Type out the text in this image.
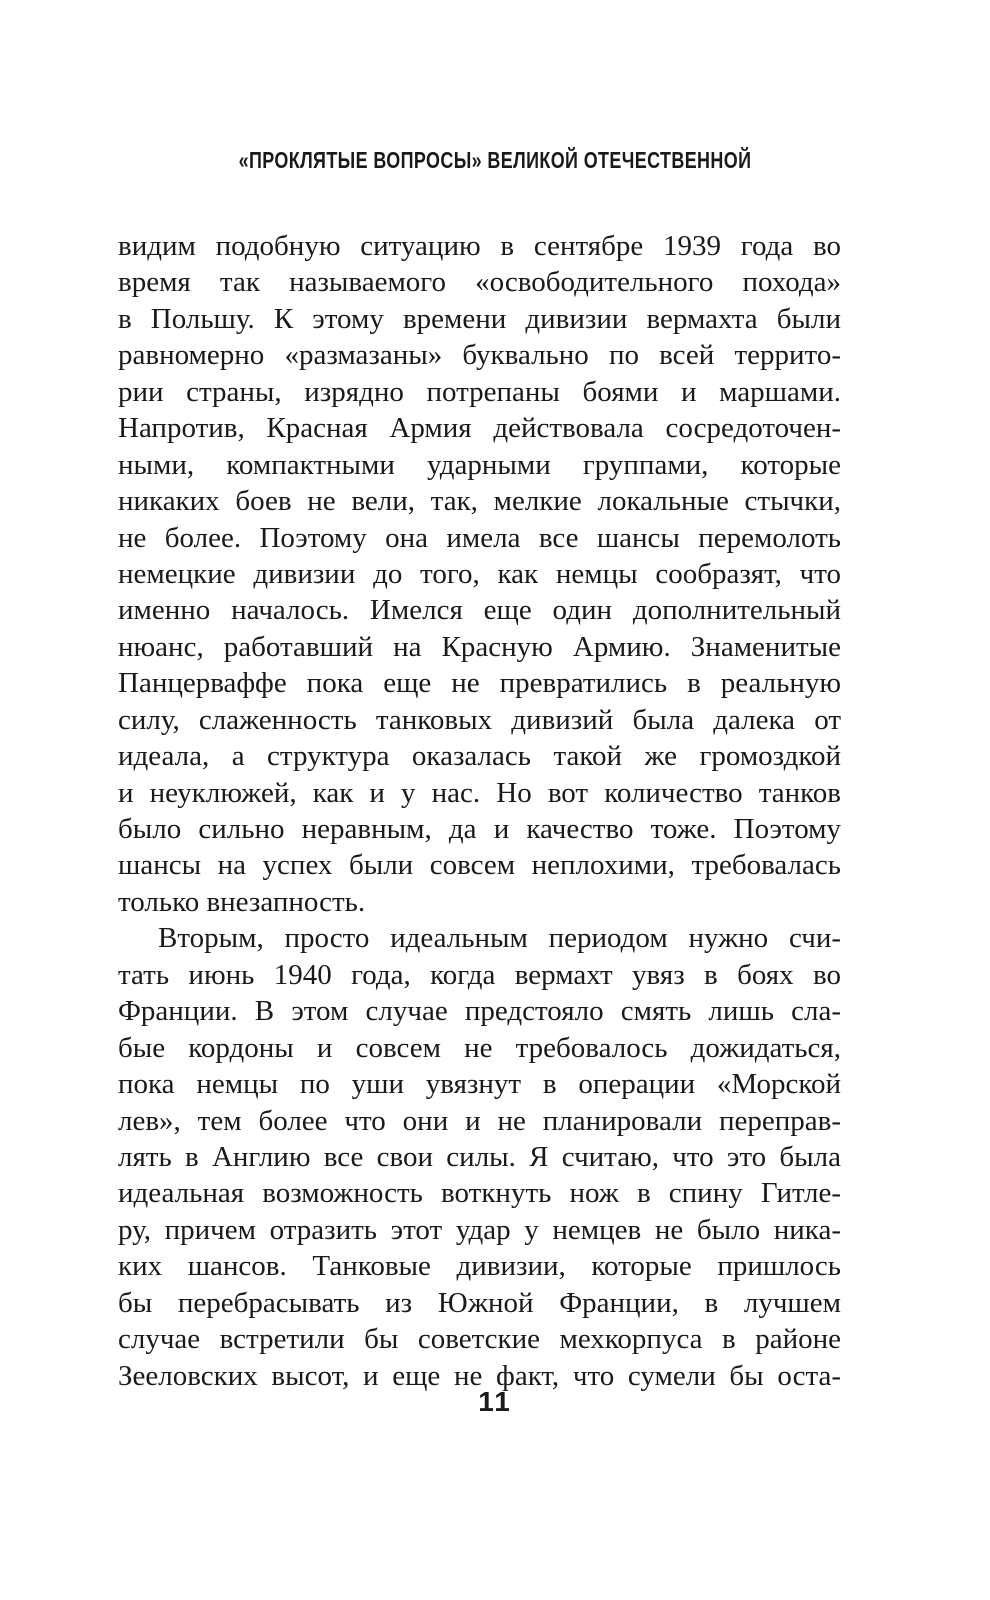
«ПРОКЛЯТЫЕ ВОПРОСЫ» ВЕЛИКОЙ ОТЕЧЕСТВЕННОЙ
видим подобную ситуацию в сентябре 1939 года во
время так называемого «освободительного похода»
в Польшу. К этому времени дивизии вермахта были
равномерно «размазаны» буквально по всей террито-
рии страны, изрядно потрепаны боями и маршами.
Напротив, Красная Армия действовала сосредоточен-
ными, компактными ударными группами, которые
никаких боев не вели, так, мелкие локальные стычки,
не более. Поэтому она имела все шансы перемолоть
немецкие дивизии до того, как немцы сообразят, что
именно началось. Имелся еще один дополнительный
нюанс, работавший на Красную Армию. Знаменитые
Панцерваффе пока еще не превратились в реальную
силу, слаженность танковых дивизий была далека от
идеала, а структура оказалась такой же громоздкой
и неуклюжей, как и у нас. Но вот количество танков
было сильно неравным, да и качество тоже. Поэтому
шансы на успех были совсем неплохими, требовалась
только внезапность.
Вторым, просто идеальным периодом нужно счи-
тать июнь 1940 года, когда вермахт увяз в боях во
Франции. В этом случае предстояло смять лишь сла-
бые кордоны и совсем не требовалось дожидаться,
пока немцы по уши увязнут в операции «Морской
лев», тем более что они и не планировали переправ-
лять в Англию все свои силы. Я считаю, что это была
идеальная возможность воткнуть нож в спину Гитле-
ру, причем отразить этот удар у немцев не было ника-
ких шансов. Танковые дивизии, которые пришлось
бы перебрасывать из Южной Франции, в лучшем
случае встретили бы советские мехкорпуса в районе
Зееловских высот, и еще не факт, что сумели бы оста-
11
